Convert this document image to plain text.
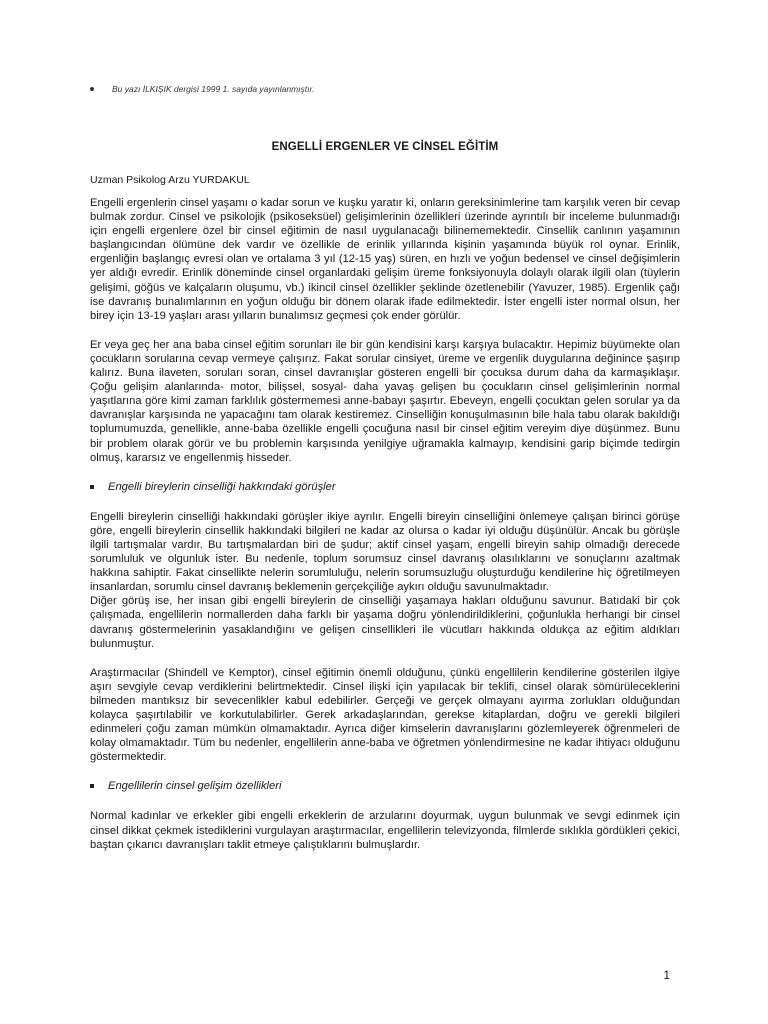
Bu yazı İLKIŞIK dergisi 1999 1. sayıda yayınlanmıştır.
ENGELLİ ERGENLER VE CİNSEL EĞİTİM
Uzman Psikolog Arzu YURDAKUL

Engelli ergenlerin cinsel yaşamı o kadar sorun ve kuşku yaratır ki, onların gereksinimlerine tam karşılık veren bir cevap bulmak zordur. Cinsel ve psikolojik (psikoseksüel) gelişimlerinin özellikleri üzerinde ayrıntılı bir inceleme bulunmadığı için engelli ergenlere özel bir cinsel eğitimin de nasıl uygulanacağı bilinememektedir. Cinsellik canlının yaşamının başlangıcından ölümüne dek vardır ve özellikle de erinlik yıllarında kişinin yaşamında büyük rol oynar. Erinlik, ergenliğin başlangıç evresi olan ve ortalama 3 yıl (12-15 yaş) süren, en hızlı ve yoğun bedensel ve cinsel değişimlerin yer aldığı evredir. Erinlik döneminde cinsel organlardaki gelişim üreme fonksiyonuyla dolaylı olarak ilgili olan (tüylerin gelişimi, göğüs ve kalçaların oluşumu, vb.) ikincil cinsel özellikler şeklinde özetlenebilir (Yavuzer, 1985). Ergenlik çağı ise davranış bunalımlarının en yoğun olduğu bir dönem olarak ifade edilmektedir. İster engelli ister normal olsun, her birey için 13-19 yaşları arası yılların bunalımsız geçmesi çok ender görülür.

Er veya geç her ana baba cinsel eğitim sorunları ile bir gün kendisini karşı karşıya bulacaktır. Hepimiz büyümekte olan çocukların sorularına cevap vermeye çalışırız. Fakat sorular cinsiyet, üreme ve ergenlik duygularına değinince şaşırıp kalırız. Buna ilaveten, soruları soran, cinsel davranışlar gösteren engelli bir çocuksa durum daha da karmaşıklaşır. Çoğu gelişim alanlarında- motor, bilişsel, sosyal- daha yavaş gelişen bu çocukların cinsel gelişimlerinin normal yaşıtlarına göre kimi zaman farklılık göstermemesi anne-babayı şaşırtır. Ebeveyn, engelli çocuktan gelen sorular ya da davranışlar karşısında ne yapacağını tam olarak kestiremez. Cinselliğin konuşulmasının bile hala tabu olarak bakıldığı toplumumuzda, genellikle, anne-baba özellikle engelli çocuğuna nasıl bir cinsel eğitim vereyim diye düşünmez. Bunu bir problem olarak görür ve bu problemin karşısında yenilgiye uğramakla kalmayıp, kendisini garip biçimde tedirgin olmuş, kararsız ve engellenmiş hisseder.

Engelli bireylerin cinselliği hakkındaki görüşler

Engelli bireylerin cinselliği hakkındaki görüşler ikiye ayrılır. Engelli bireyin cinselliğini önlemeye çalışan birinci görüşe göre, engelli bireylerin cinsellik hakkındaki bilgileri ne kadar az olursa o kadar iyi olduğu düşünülür. Ancak bu görüşle ilgili tartışmalar vardır. Bu tartışmalardan biri de şudur; aktif cinsel yaşam, engelli bireyin sahip olmadığı derecede sorumluluk ve olgunluk ister. Bu nedenle, toplum sorumsuz cinsel davranış olasılıklarını ve sonuçlarını azaltmak hakkına sahiptir. Fakat cinsellikte nelerin sorumluluğu, nelerin sorumsuzluğu oluşturduğu kendilerine hiç öğretilmeyen insanlardan, sorumlu cinsel davranış beklemenin gerçekçiliğe aykırı olduğu savunulmaktadır.

Diğer görüş ise, her insan gibi engelli bireylerin de cinselliği yaşamaya hakları olduğunu savunur. Batıdaki bir çok çalışmada, engellilerin normallerden daha farklı bir yaşama doğru yönlendirildiklerini, çoğunlukla herhangi bir cinsel davranış göstermelerinin yasaklandığını ve gelişen cinsellikleri ile vücutları hakkında oldukça az eğitim aldıkları bulunmuştur.

Araştırmacılar (Shindell ve Kemptor), cinsel eğitimin önemli olduğunu, çünkü engellilerin kendilerine gösterilen ilgiye aşırı sevgiyle cevap verdiklerini belirtmektedir. Cinsel ilişki için yapılacak bir teklifi, cinsel olarak sömürüleceklerini bilmeden mantıksız bir sevecenlikler kabul edebilirler. Gerçeği ve gerçek olmayanı ayırma zorlukları olduğundan kolayca şaşırtılabilir ve korkutulabilirler. Gerek arkadaşlarından, gerekse kitaplardan, doğru ve gerekli bilgileri edinmeleri çoğu zaman mümkün olmamaktadır. Ayrıca diğer kimselerin davranışlarını gözlemleyerek öğrenmeleri de kolay olmamaktadır. Tüm bu nedenler, engellilerin anne-baba ve öğretmen yönlendirmesine ne kadar ihtiyacı olduğunu göstermektedir.

Engellilerin cinsel gelişim özellikleri

Normal kadınlar ve erkekler gibi engelli erkeklerin de arzularını doyurmak, uygun bulunmak ve sevgi edinmek için cinsel dikkat çekmek istediklerini vurgulayan araştırmacılar, engellilerin televizyonda, filmlerde sıklıkla gördükleri çekici, baştan çıkarıcı davranışları taklit etmeye çalıştıklarını bulmuşlardır.

1
